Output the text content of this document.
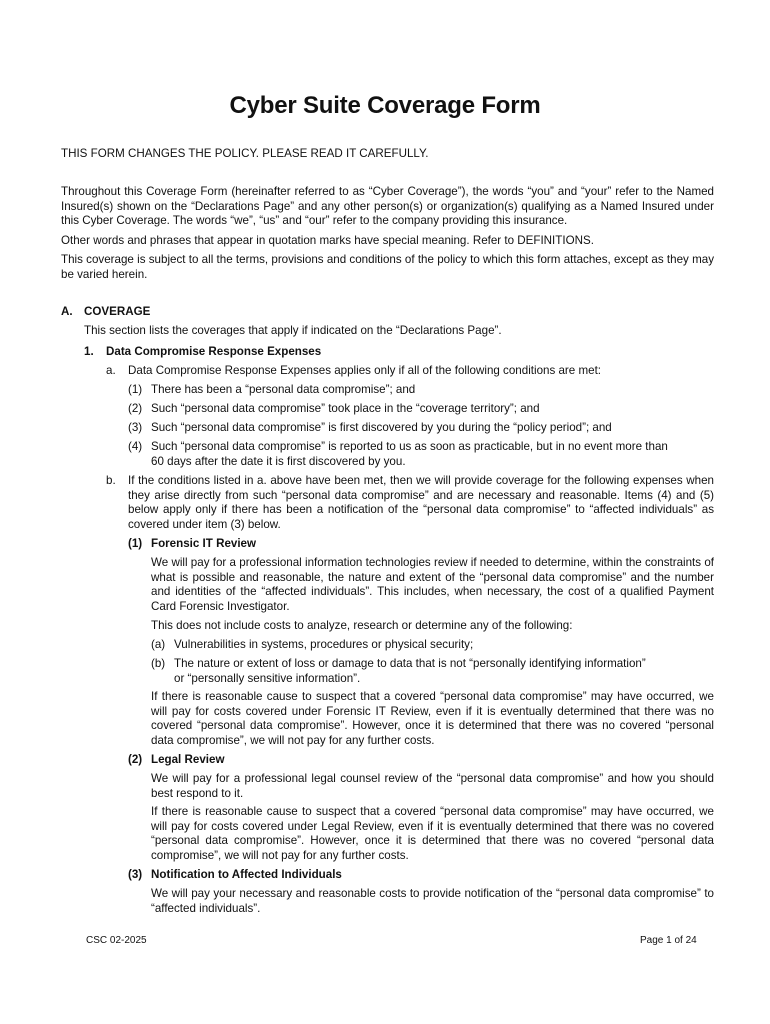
Cyber Suite Coverage Form

THIS FORM CHANGES THE POLICY. PLEASE READ IT CAREFULLY.

Throughout this Coverage Form (hereinafter referred to as “Cyber Coverage”), the words “you” and “your” refer to the Named Insured(s) shown on the “Declarations Page” and any other person(s) or organization(s) qualifying as a Named Insured under this Cyber Coverage. The words “we”, “us” and “our” refer to the company providing this insurance.

Other words and phrases that appear in quotation marks have special meaning. Refer to DEFINITIONS.

This coverage is subject to all the terms, provisions and conditions of the policy to which this form attaches, except as they may be varied herein.

A. COVERAGE

This section lists the coverages that apply if indicated on the “Declarations Page”.

1. Data Compromise Response Expenses
a. Data Compromise Response Expenses applies only if all of the following conditions are met:

(1) There has been a “personal data compromise”; and

(2) Such “personal data compromise” took place in the “coverage territory”; and

(3) Such “personal data compromise” is first discovered by you during the “policy period”; and

(4) Such “personal data compromise” is reported to us as soon as practicable, but in no event more than 60 days after the date it is first discovered by you.

b. If the conditions listed in a. above have been met, then we will provide coverage for the following expenses when they arise directly from such “personal data compromise” and are necessary and reasonable. Items (4) and (5) below apply only if there has been a notification of the “personal data compromise” to “affected individuals” as covered under item (3) below.

(1) Forensic IT Review

We will pay for a professional information technologies review if needed to determine, within the constraints of what is possible and reasonable, the nature and extent of the “personal data compromise” and the number and identities of the “affected individuals”. This includes, when necessary, the cost of a qualified Payment Card Forensic Investigator.

This does not include costs to analyze, research or determine any of the following:

(a) Vulnerabilities in systems, procedures or physical security;

(b) The nature or extent of loss or damage to data that is not “personally identifying information” or “personally sensitive information”.

If there is reasonable cause to suspect that a covered “personal data compromise” may have occurred, we will pay for costs covered under Forensic IT Review, even if it is eventually determined that there was no covered “personal data compromise”. However, once it is determined that there was no covered “personal data compromise”, we will not pay for any further costs.

(2) Legal Review

We will pay for a professional legal counsel review of the “personal data compromise” and how you should best respond to it.

If there is reasonable cause to suspect that a covered “personal data compromise” may have occurred, we will pay for costs covered under Legal Review, even if it is eventually determined that there was no covered “personal data compromise”. However, once it is determined that there was no covered “personal data compromise”, we will not pay for any further costs.

(3) Notification to Affected Individuals

We will pay your necessary and reasonable costs to provide notification of the “personal data compromise” to “affected individuals”.

CSC 02-2025	Page 1 of 24
